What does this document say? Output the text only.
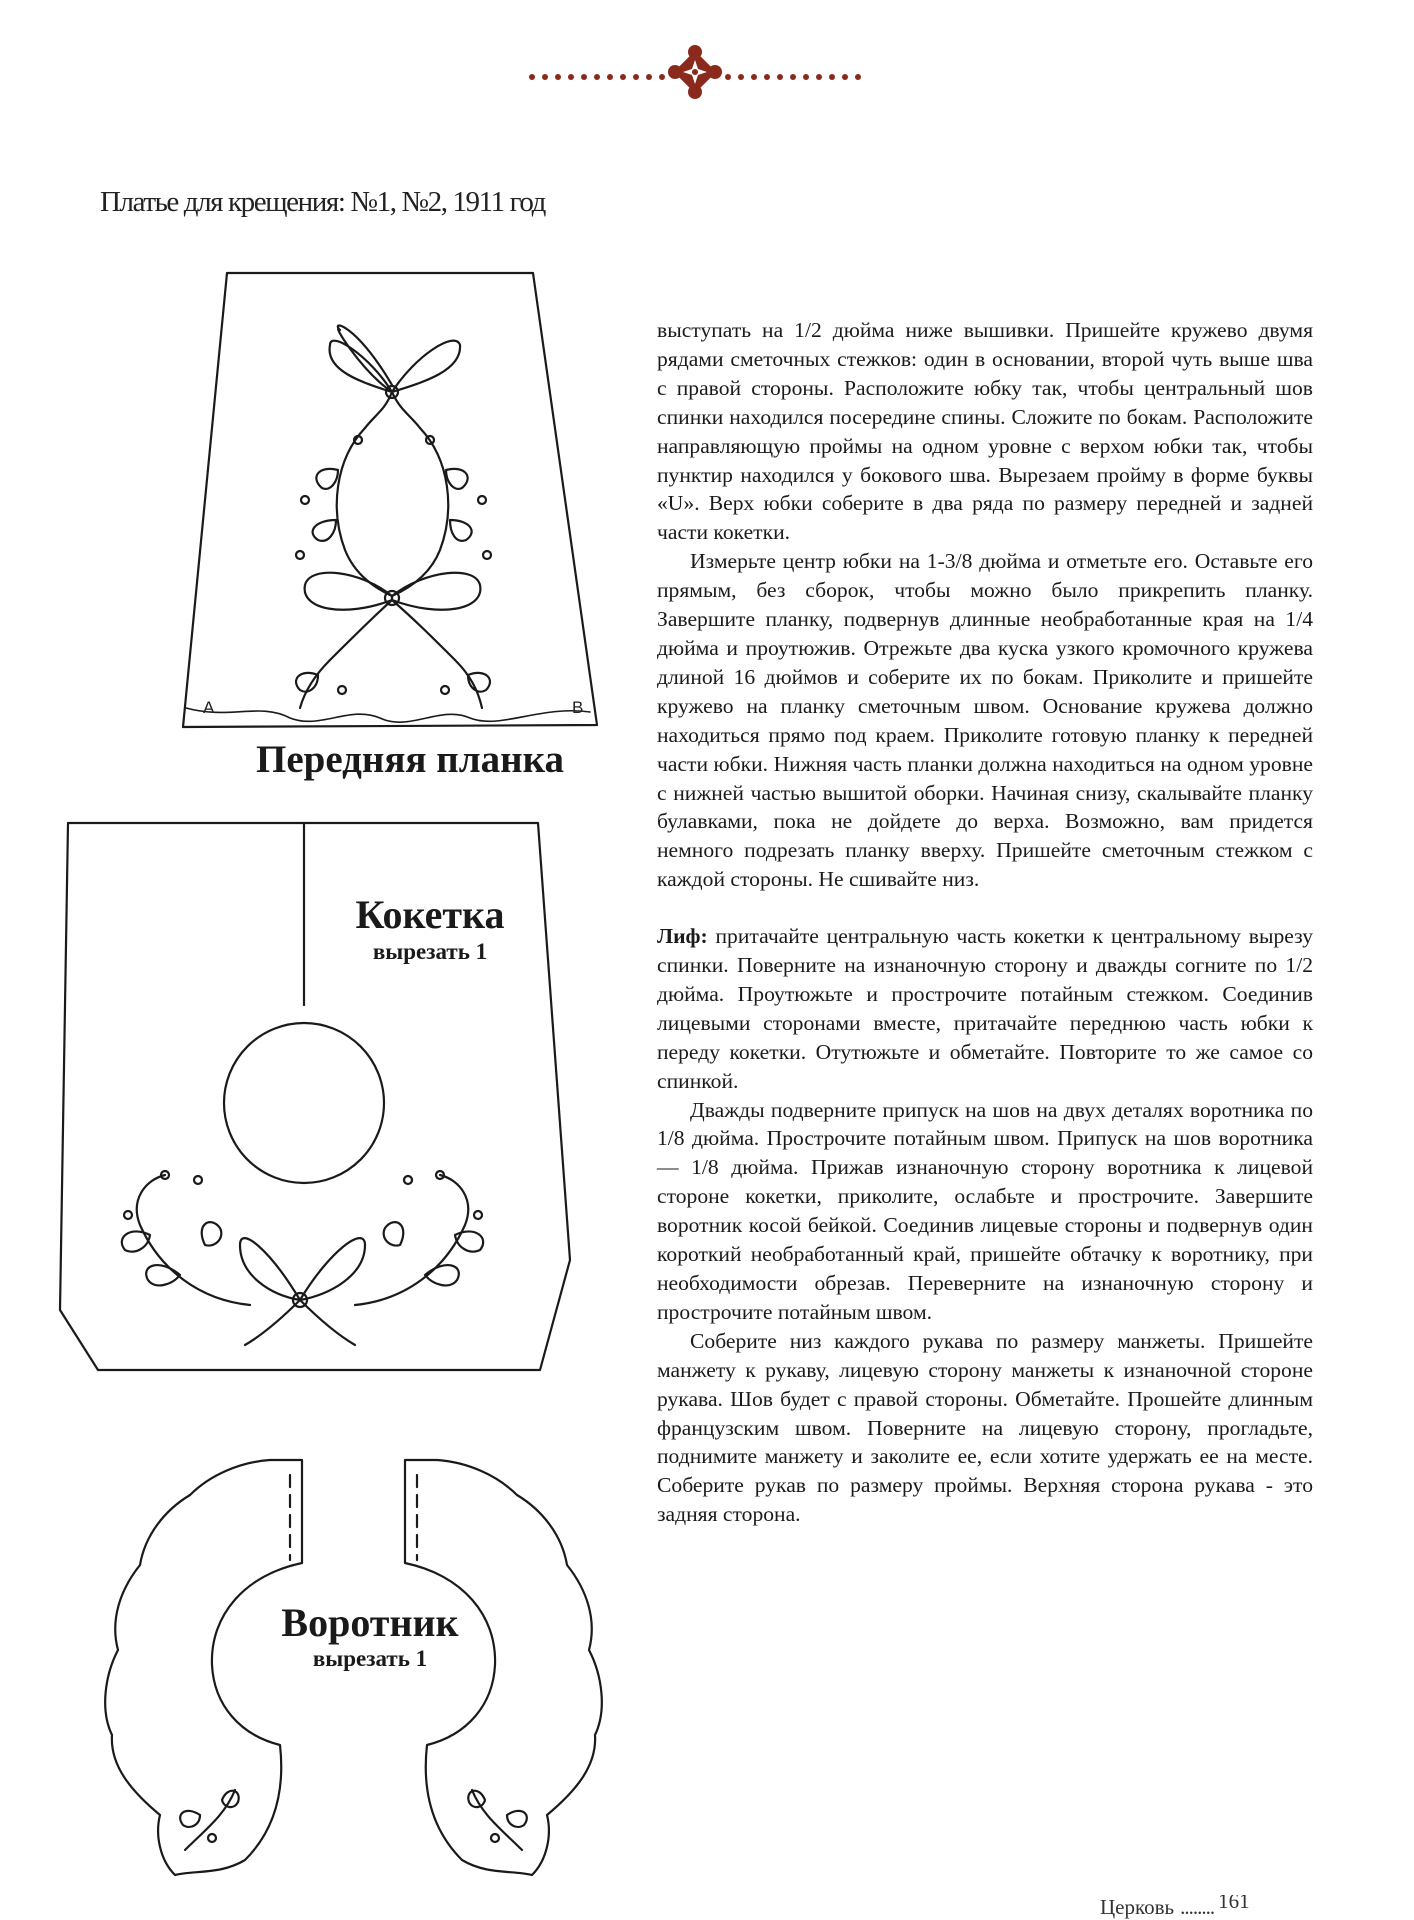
Платье для крещения: №1, №2, 1911 год
A	B
Передняя планка
Кокетка
вырезать 1
Воротник
вырезать 1

выступать на 1/2 дюйма ниже вышивки. Пришейте кружево двумя рядами сметочных стежков: один в основании, второй чуть выше шва с правой стороны. Расположите юбку так, чтобы центральный шов спинки находился посередине спины. Сложите по бокам. Расположите направляющую проймы на одном уровне с верхом юбки так, чтобы пунктир находился у бокового шва. Вырезаем пройму в форме буквы «U». Верх юбки соберите в два ряда по размеру передней и задней части кокетки.

Измерьте центр юбки на 1-3/8 дюйма и отметьте его. Оставьте его прямым, без сборок, чтобы можно было прикрепить планку. Завершите планку, подвернув длинные необработанные края на 1/4 дюйма и проутюжив. Отрежьте два куска узкого кромочного кружева длиной 16 дюймов и соберите их по бокам. Приколите и пришейте кружево на планку сметочным швом. Основание кружева должно находиться прямо под краем. Приколите готовую планку к передней части юбки. Нижняя часть планки должна находиться на одном уровне с нижней частью вышитой оборки. Начиная снизу, скалывайте планку булавками, пока не дойдете до верха. Возможно, вам придется немного подрезать планку вверху. Пришейте сметочным стежком с каждой стороны. Не сшивайте низ.

Лиф: притачайте центральную часть кокетки к центральному вырезу спинки. Поверните на изнаночную сторону и дважды согните по 1/2 дюйма. Проутюжьте и прострочите потайным стежком. Соединив лицевыми сторонами вместе, притачайте переднюю часть юбки к переду кокетки. Отутюжьте и обметайте. Повторите то же самое со спинкой.

Дважды подверните припуск на шов на двух деталях воротника по 1/8 дюйма. Прострочите потайным швом. Припуск на шов воротника — 1/8 дюйма. Прижав изнаночную сторону воротника к лицевой стороне кокетки, приколите, ослабьте и прострочите. Завершите воротник косой бейкой. Соединив лицевые стороны и подвернув один короткий необработанный край, пришейте обтачку к воротнику, при необходимости обрезав. Переверните на изнаночную сторону и прострочите потайным швом.

Соберите низ каждого рукава по размеру манжеты. Пришейте манжету к рукаву, лицевую сторону манжеты к изнаночной стороне рукава. Шов будет с правой стороны. Обметайте. Прошейте длинным французским швом. Поверните на лицевую сторону, прогладьте, поднимите манжету и заколите ее, если хотите удержать ее на месте. Соберите рукав по размеру проймы. Верхняя сторона рукава - это задняя сторона.

Церковь ........ 161
